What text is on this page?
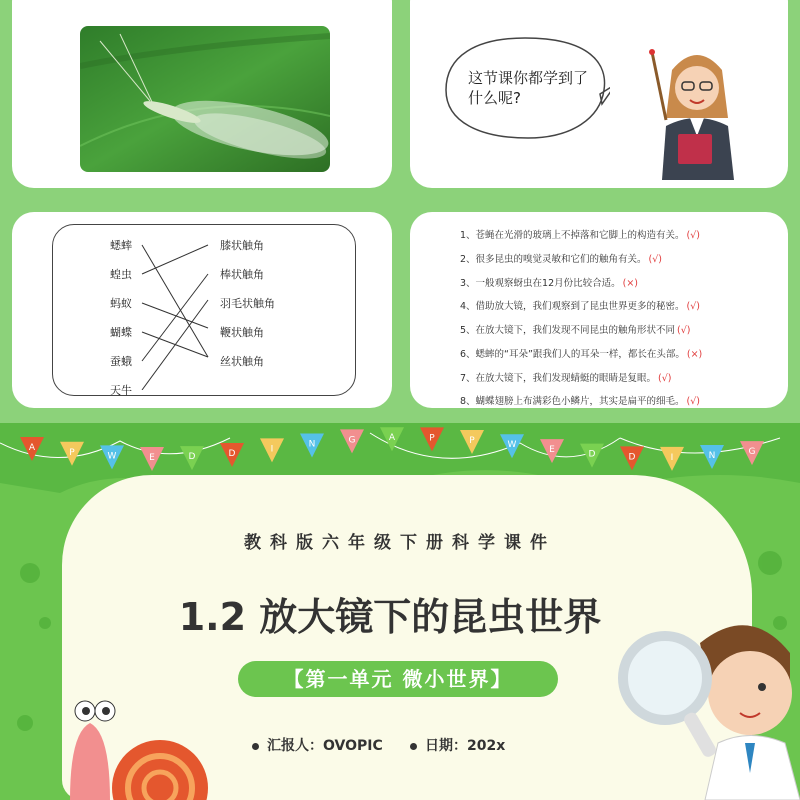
这节课你都学到了什么呢?
蟋蟀
蝗虫
蚂蚁
蝴蝶
蚕蛾
天牛
膝状触角
棒状触角
羽毛状触角
鞭状触角
丝状触角
1、苍蝇在光滑的玻璃上不掉落和它脚上的构造有关。 (√)
2、很多昆虫的嗅觉灵敏和它们的触角有关。 (√)
3、一般观察蚜虫在12月份比较合适。 (×)
4、借助放大镜，我们观察到了昆虫世界更多的秘密。 (√)
5、在放大镜下，我们发现不同昆虫的触角形状不同 (√)
6、蟋蟀的“耳朵”跟我们人的耳朵一样，都长在头部。 (×)
7、在放大镜下，我们发现蜻蜓的眼睛是复眼。 (√)
8、蝴蝶翅膀上布满彩色小鳞片，其实是扁平的细毛。 (√)
A	P	W	E	D	D	I	N	G	A	P	P	W	E	D	D	I	N	G
教科版六年级下册科学课件
1.2 放大镜下的昆虫世界
【第一单元 微小世界】
汇报人：OVOPIC	日期：202x
